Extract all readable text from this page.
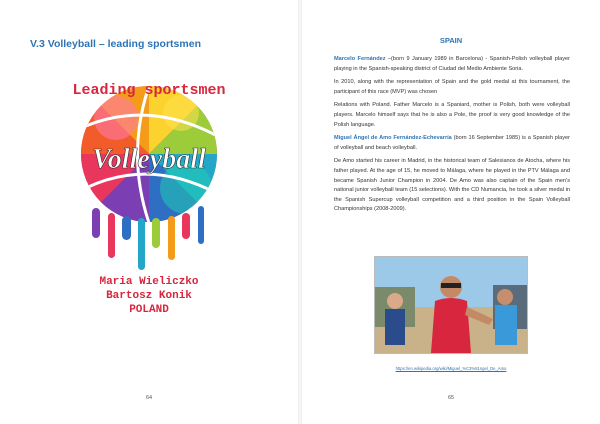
V.3 Volleyball – leading sportsmen
Leading sportsmen
Volleyball
Maria Wieliczko
Bartosz Konik
POLAND
64
SPAIN

Marcelo Fernández –(born 9 January 1989 in Barcelona) - Spanish-Polish volleyball player playing in the Spanish-speaking district of Ciudad del Medio Ambiente Soria.

In 2010, along with the representation of Spain and the gold medal at this tournament, the participant of this race (MVP) was chosen

Relations with Poland. Father Marcelo is a Spaniard, mother is Polish, both were volleyball players. Marcelo himself says that he is also a Pole, the proof is very good knowledge of the Polish language.

Miguel Ángel de Amo Fernández-Echevarría (born 16 September 1985) is a Spanish player of volleyball and beach volleyball.

De Amo started his career in Madrid, in the historical team of Salesianos de Atocha, where his father played. At the age of 15, he moved to Málaga, where he played in the PTV Málaga and became Spanish Junior Champion in 2004. De Amo was also captain of the Spain men's national junior volleyball team (15 selections). With the CD Numancia, he took a silver medal in the Spanish Supercup volleyball competition and a third position in the Spain Volleyball Championships (2008-2009).

https://en.wikipedia.org/wiki/Miguel_%C3%81ngel_De_Amo
65
